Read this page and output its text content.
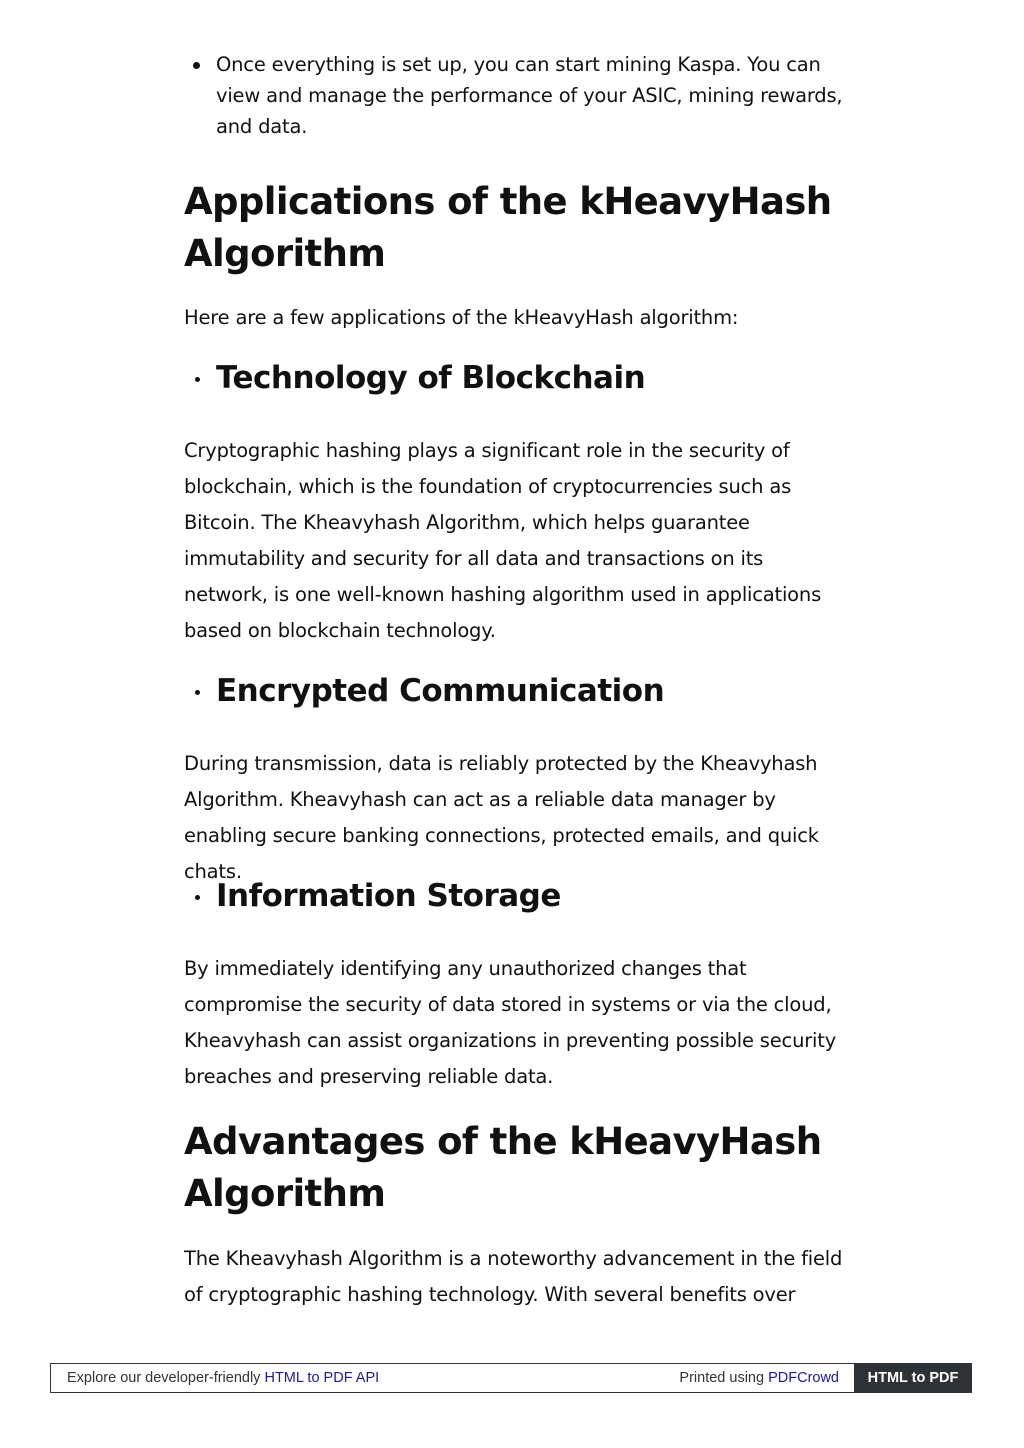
Once everything is set up, you can start mining Kaspa. You can view and manage the performance of your ASIC, mining rewards, and data.
Applications of the kHeavyHash Algorithm

Here are a few applications of the kHeavyHash algorithm:

Technology of Blockchain

Cryptographic hashing plays a significant role in the security of blockchain, which is the foundation of cryptocurrencies such as Bitcoin. The Kheavyhash Algorithm, which helps guarantee immutability and security for all data and transactions on its network, is one well-known hashing algorithm used in applications based on blockchain technology.

Encrypted Communication

During transmission, data is reliably protected by the Kheavyhash Algorithm. Kheavyhash can act as a reliable data manager by enabling secure banking connections, protected emails, and quick chats.

Information Storage

By immediately identifying any unauthorized changes that compromise the security of data stored in systems or via the cloud, Kheavyhash can assist organizations in preventing possible security breaches and preserving reliable data.

Advantages of the kHeavyHash Algorithm

The Kheavyhash Algorithm is a noteworthy advancement in the field of cryptographic hashing technology. With several benefits over

Explore our developer-friendly HTML to PDF API	Printed using PDFCrowd	HTML to PDF
